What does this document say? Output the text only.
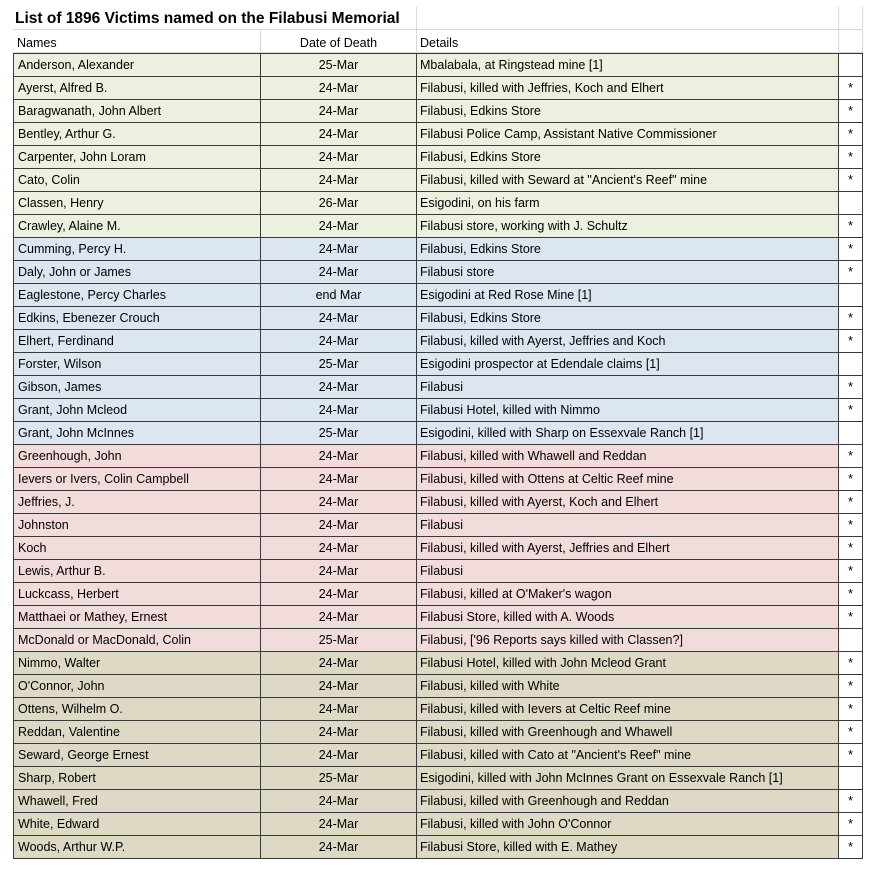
List of 1896 Victims named on the Filabusi Memorial
Names	Date of Death	Details
Anderson, Alexander	25-Mar	Mbalabala, at Ringstead mine [1]
Ayerst, Alfred B.	24-Mar	Filabusi, killed with Jeffries, Koch and Elhert	*
Baragwanath, John Albert	24-Mar	Filabusi, Edkins Store	*
Bentley, Arthur G.	24-Mar	Filabusi Police Camp, Assistant Native Commissioner	*
Carpenter, John Loram	24-Mar	Filabusi, Edkins Store	*
Cato, Colin	24-Mar	Filabusi, killed with Seward at "Ancient's Reef" mine	*
Classen, Henry	26-Mar	Esigodini, on his farm
Crawley, Alaine M.	24-Mar	Filabusi store, working with J. Schultz	*
Cumming, Percy H.	24-Mar	Filabusi, Edkins Store	*
Daly, John or James	24-Mar	Filabusi store	*
Eaglestone, Percy Charles	end Mar	Esigodini at Red Rose Mine [1]
Edkins, Ebenezer Crouch	24-Mar	Filabusi, Edkins Store	*
Elhert, Ferdinand	24-Mar	Filabusi, killed with Ayerst, Jeffries and Koch	*
Forster, Wilson	25-Mar	Esigodini prospector at Edendale claims [1]
Gibson, James	24-Mar	Filabusi	*
Grant, John Mcleod	24-Mar	Filabusi Hotel, killed with Nimmo	*
Grant, John McInnes	25-Mar	Esigodini, killed with Sharp on Essexvale Ranch [1]
Greenhough, John	24-Mar	Filabusi, killed with Whawell and Reddan	*
Ievers or Ivers, Colin Campbell	24-Mar	Filabusi, killed with Ottens at Celtic Reef mine	*
Jeffries, J.	24-Mar	Filabusi, killed with Ayerst, Koch and Elhert	*
Johnston	24-Mar	Filabusi	*
Koch	24-Mar	Filabusi, killed with Ayerst, Jeffries and Elhert	*
Lewis, Arthur B.	24-Mar	Filabusi	*
Luckcass, Herbert	24-Mar	Filabusi, killed at O'Maker's wagon	*
Matthaei or Mathey, Ernest	24-Mar	Filabusi Store, killed with A. Woods	*
McDonald or MacDonald, Colin	25-Mar	Filabusi, ['96 Reports says killed with Classen?]
Nimmo, Walter	24-Mar	Filabusi Hotel, killed with John Mcleod Grant	*
O'Connor, John	24-Mar	Filabusi, killed with White	*
Ottens, Wilhelm O.	24-Mar	Filabusi, killed with Ievers at Celtic Reef mine	*
Reddan, Valentine	24-Mar	Filabusi, killed with Greenhough and Whawell	*
Seward, George Ernest	24-Mar	Filabusi, killed with Cato at "Ancient's Reef" mine	*
Sharp, Robert	25-Mar	Esigodini, killed with John McInnes Grant on Essexvale Ranch [1]
Whawell, Fred	24-Mar	Filabusi, killed with Greenhough and Reddan	*
White, Edward	24-Mar	Filabusi, killed with John O'Connor	*
Woods, Arthur W.P.	24-Mar	Filabusi Store, killed with E. Mathey	*
